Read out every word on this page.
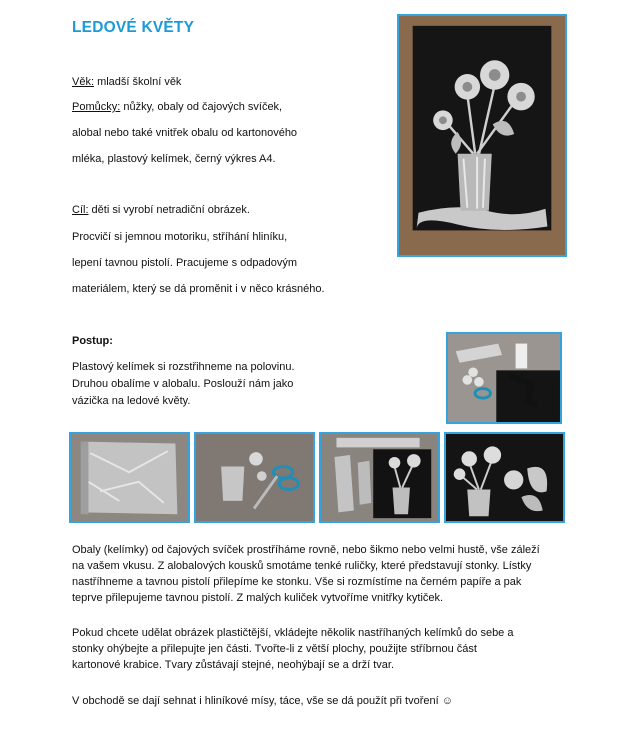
LEDOVÉ KVĚTY
Věk: mladší školní věk
Pomůcky: nůžky, obaly od čajových svíček,
alobal nebo také vnitřek obalu od kartonového
mléka, plastový kelímek, černý výkres A4.
Cíl: děti si vyrobí netradiční obrázek.
Procvičí si jemnou motoriku, stříhání hliníku,
lepení tavnou pistolí. Pracujeme s odpadovým
materiálem, který se dá proměnit i v něco krásného.
Postup:
Plastový kelímek si rozstřihneme na polovinu.
Druhou obalíme v alobalu. Poslouží nám jako
vázička na ledové květy.
Obaly (kelímky) od čajových svíček prostříháme rovně, nebo šikmo nebo velmi hustě, vše záleží
na vašem vkusu. Z alobalových kousků smotáme tenké ruličky, které představují stonky. Lístky
nastříhneme a tavnou pistolí přilepíme ke stonku. Vše si rozmístíme na černém papíře a pak
teprve přilepujeme tavnou pistolí. Z malých kuliček vytvoříme vnitřky kytiček.
Pokud chcete udělat obrázek plastičtější, vkládejte několik nastříhaných kelímků do sebe a
stonky ohýbejte a přilepujte jen části. Tvořte-li z větší plochy, použijte stříbrnou část
kartonové krabice. Tvary zůstávají stejné, neohýbají se a drží tvar.
V obchodě se dají sehnat i hliníkové mísy, tácе, vše se dá použít při tvoření ☺
